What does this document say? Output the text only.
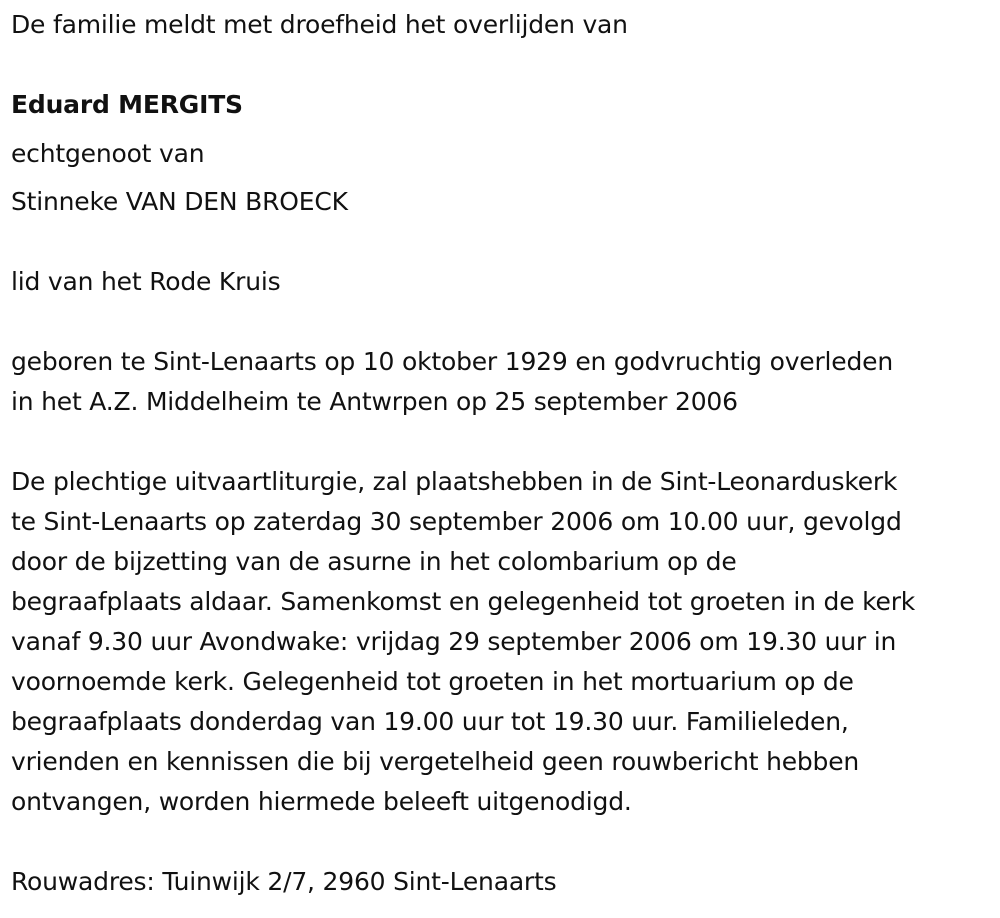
De familie meldt met droefheid het overlijden van
Eduard MERGITS
echtgenoot van
Stinneke VAN DEN BROECK
lid van het Rode Kruis
geboren te Sint-Lenaarts op 10 oktober 1929 en godvruchtig overleden
in het A.Z. Middelheim te Antwrpen op 25 september 2006
De plechtige uitvaartliturgie, zal plaatshebben in de Sint-Leonarduskerk
te Sint-Lenaarts op zaterdag 30 september 2006 om 10.00 uur, gevolgd
door de bijzetting van de asurne in het colombarium op de
begraafplaats aldaar. Samenkomst en gelegenheid tot groeten in de kerk
vanaf 9.30 uur Avondwake: vrijdag 29 september 2006 om 19.30 uur in
voornoemde kerk. Gelegenheid tot groeten in het mortuarium op de
begraafplaats donderdag van 19.00 uur tot 19.30 uur. Familieleden,
vrienden en kennissen die bij vergetelheid geen rouwbericht hebben
ontvangen, worden hiermede beleeft uitgenodigd.
Rouwadres: Tuinwijk 2/7, 2960 Sint-Lenaarts
